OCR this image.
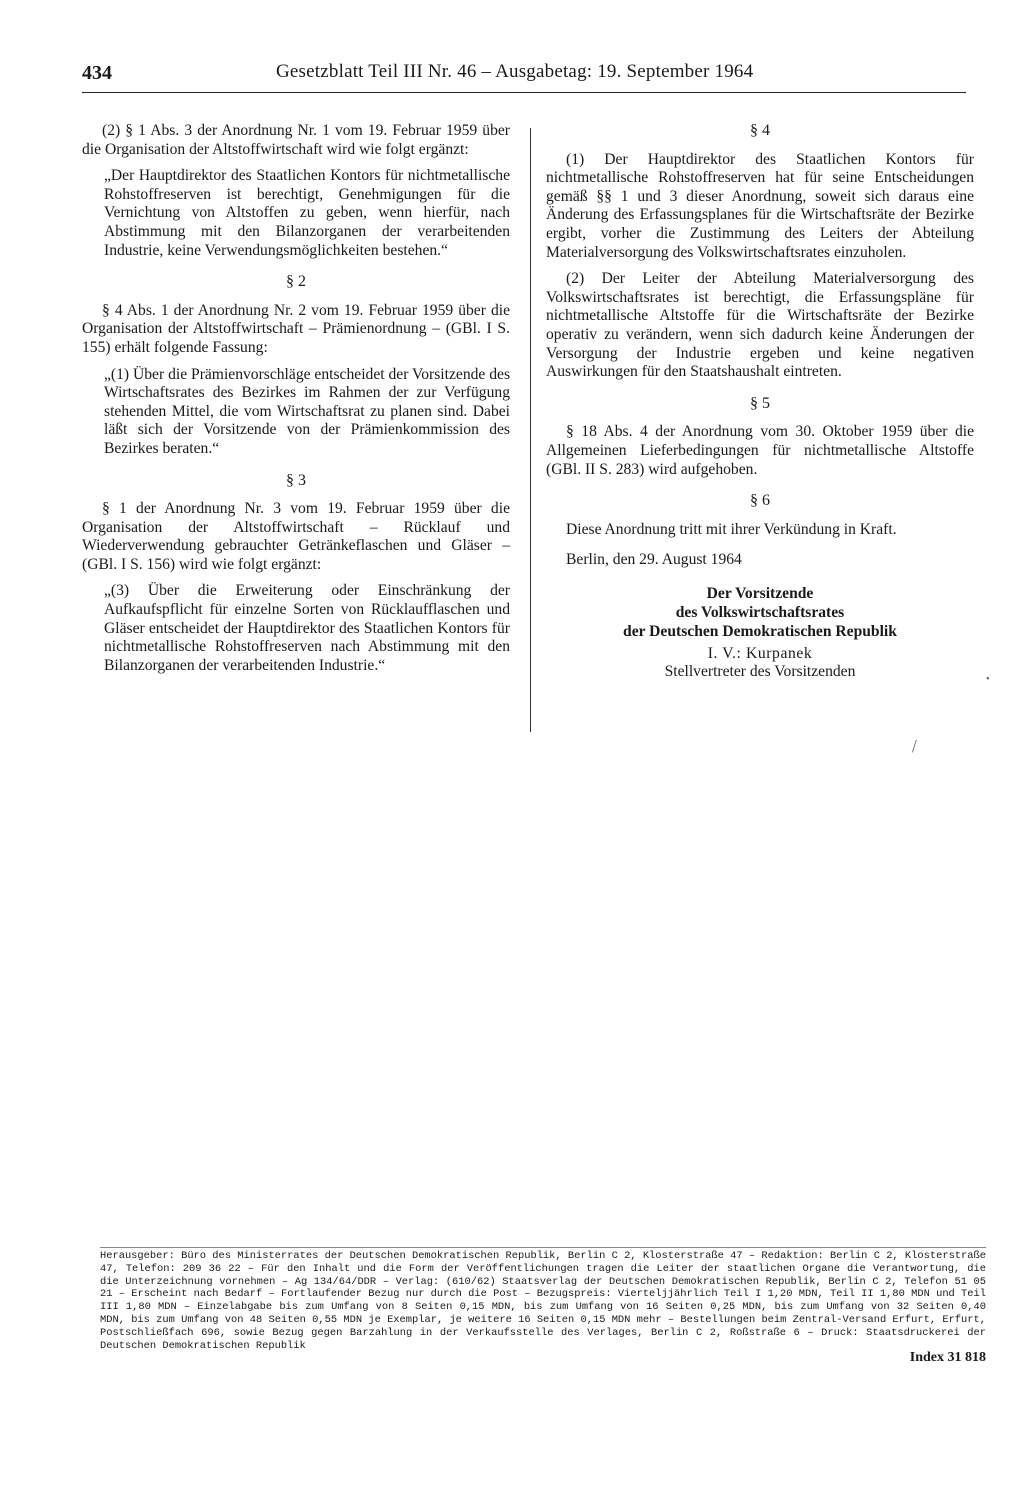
434	Gesetzblatt Teil III Nr. 46 – Ausgabetag: 19. September 1964

(2) § 1 Abs. 3 der Anordnung Nr. 1 vom 19. Februar 1959 über die Organisation der Altstoffwirtschaft wird wie folgt ergänzt:

„Der Hauptdirektor des Staatlichen Kontors für nichtmetallische Rohstoffreserven ist berechtigt, Genehmigungen für die Vernichtung von Altstoffen zu geben, wenn hierfür, nach Abstimmung mit den Bilanzorganen der verarbeitenden Industrie, keine Verwendungsmöglichkeiten bestehen.“

§ 2

§ 4 Abs. 1 der Anordnung Nr. 2 vom 19. Februar 1959 über die Organisation der Altstoffwirtschaft – Prämienordnung – (GBl. I S. 155) erhält folgende Fassung:

„(1) Über die Prämienvorschläge entscheidet der Vorsitzende des Wirtschaftsrates des Bezirkes im Rahmen der zur Verfügung stehenden Mittel, die vom Wirtschaftsrat zu planen sind. Dabei läßt sich der Vorsitzende von der Prämienkommission des Bezirkes beraten.“

§ 3

§ 1 der Anordnung Nr. 3 vom 19. Februar 1959 über die Organisation der Altstoffwirtschaft – Rücklauf und Wiederverwendung gebrauchter Getränkeflaschen und Gläser – (GBl. I S. 156) wird wie folgt ergänzt:

„(3) Über die Erweiterung oder Einschränkung der Aufkaufspflicht für einzelne Sorten von Rücklaufflaschen und Gläser entscheidet der Hauptdirektor des Staatlichen Kontors für nichtmetallische Rohstoffreserven nach Abstimmung mit den Bilanzorganen der verarbeitenden Industrie.“

§ 4

(1) Der Hauptdirektor des Staatlichen Kontors für nichtmetallische Rohstoffreserven hat für seine Entscheidungen gemäß §§ 1 und 3 dieser Anordnung, soweit sich daraus eine Änderung des Erfassungsplanes für die Wirtschaftsräte der Bezirke ergibt, vorher die Zustimmung des Leiters der Abteilung Materialversorgung des Volkswirtschaftsrates einzuholen.

(2) Der Leiter der Abteilung Materialversorgung des Volkswirtschaftsrates ist berechtigt, die Erfassungspläne für nichtmetallische Altstoffe für die Wirtschaftsräte der Bezirke operativ zu verändern, wenn sich dadurch keine Änderungen der Versorgung der Industrie ergeben und keine negativen Auswirkungen für den Staatshaushalt eintreten.

§ 5

§ 18 Abs. 4 der Anordnung vom 30. Oktober 1959 über die Allgemeinen Lieferbedingungen für nichtmetallische Altstoffe (GBl. II S. 283) wird aufgehoben.

§ 6

Diese Anordnung tritt mit ihrer Verkündung in Kraft.

Berlin, den 29. August 1964

Der Vorsitzende
des Volkswirtschaftsrates
der Deutschen Demokratischen Republik
I. V.: Kurpanek
Stellvertreter des Vorsitzenden
⧸
•
Herausgeber: Büro des Ministerrates der Deutschen Demokratischen Republik, Berlin C 2, Klosterstraße 47 – Redaktion: Berlin C 2, Klosterstraße 47, Telefon: 209 36 22 – Für den Inhalt und die Form der Veröffentlichungen tragen die Leiter der staatlichen Organe die Verantwortung, die die Unterzeichnung vornehmen – Ag 134/64/DDR – Verlag: (610/62) Staatsverlag der Deutschen Demokratischen Republik, Berlin C 2, Telefon 51 05 21 – Erscheint nach Bedarf – Fortlaufender Bezug nur durch die Post – Bezugspreis: Vierteljjährlich Teil I 1,20 MDN, Teil II 1,80 MDN und Teil III 1,80 MDN – Einzelabgabe bis zum Umfang von 8 Seiten 0,15 MDN, bis zum Umfang von 16 Seiten 0,25 MDN, bis zum Umfang von 32 Seiten 0,40 MDN, bis zum Umfang von 48 Seiten 0,55 MDN je Exemplar, je weitere 16 Seiten 0,15 MDN mehr – Bestellungen beim Zentral-Versand Erfurt, Erfurt, Postschließfach 696, sowie Bezug gegen Barzahlung in der Verkaufsstelle des Verlages, Berlin C 2, Roßstraße 6 – Druck: Staatsdruckerei der Deutschen Demokratischen Republik
Index 31 818
